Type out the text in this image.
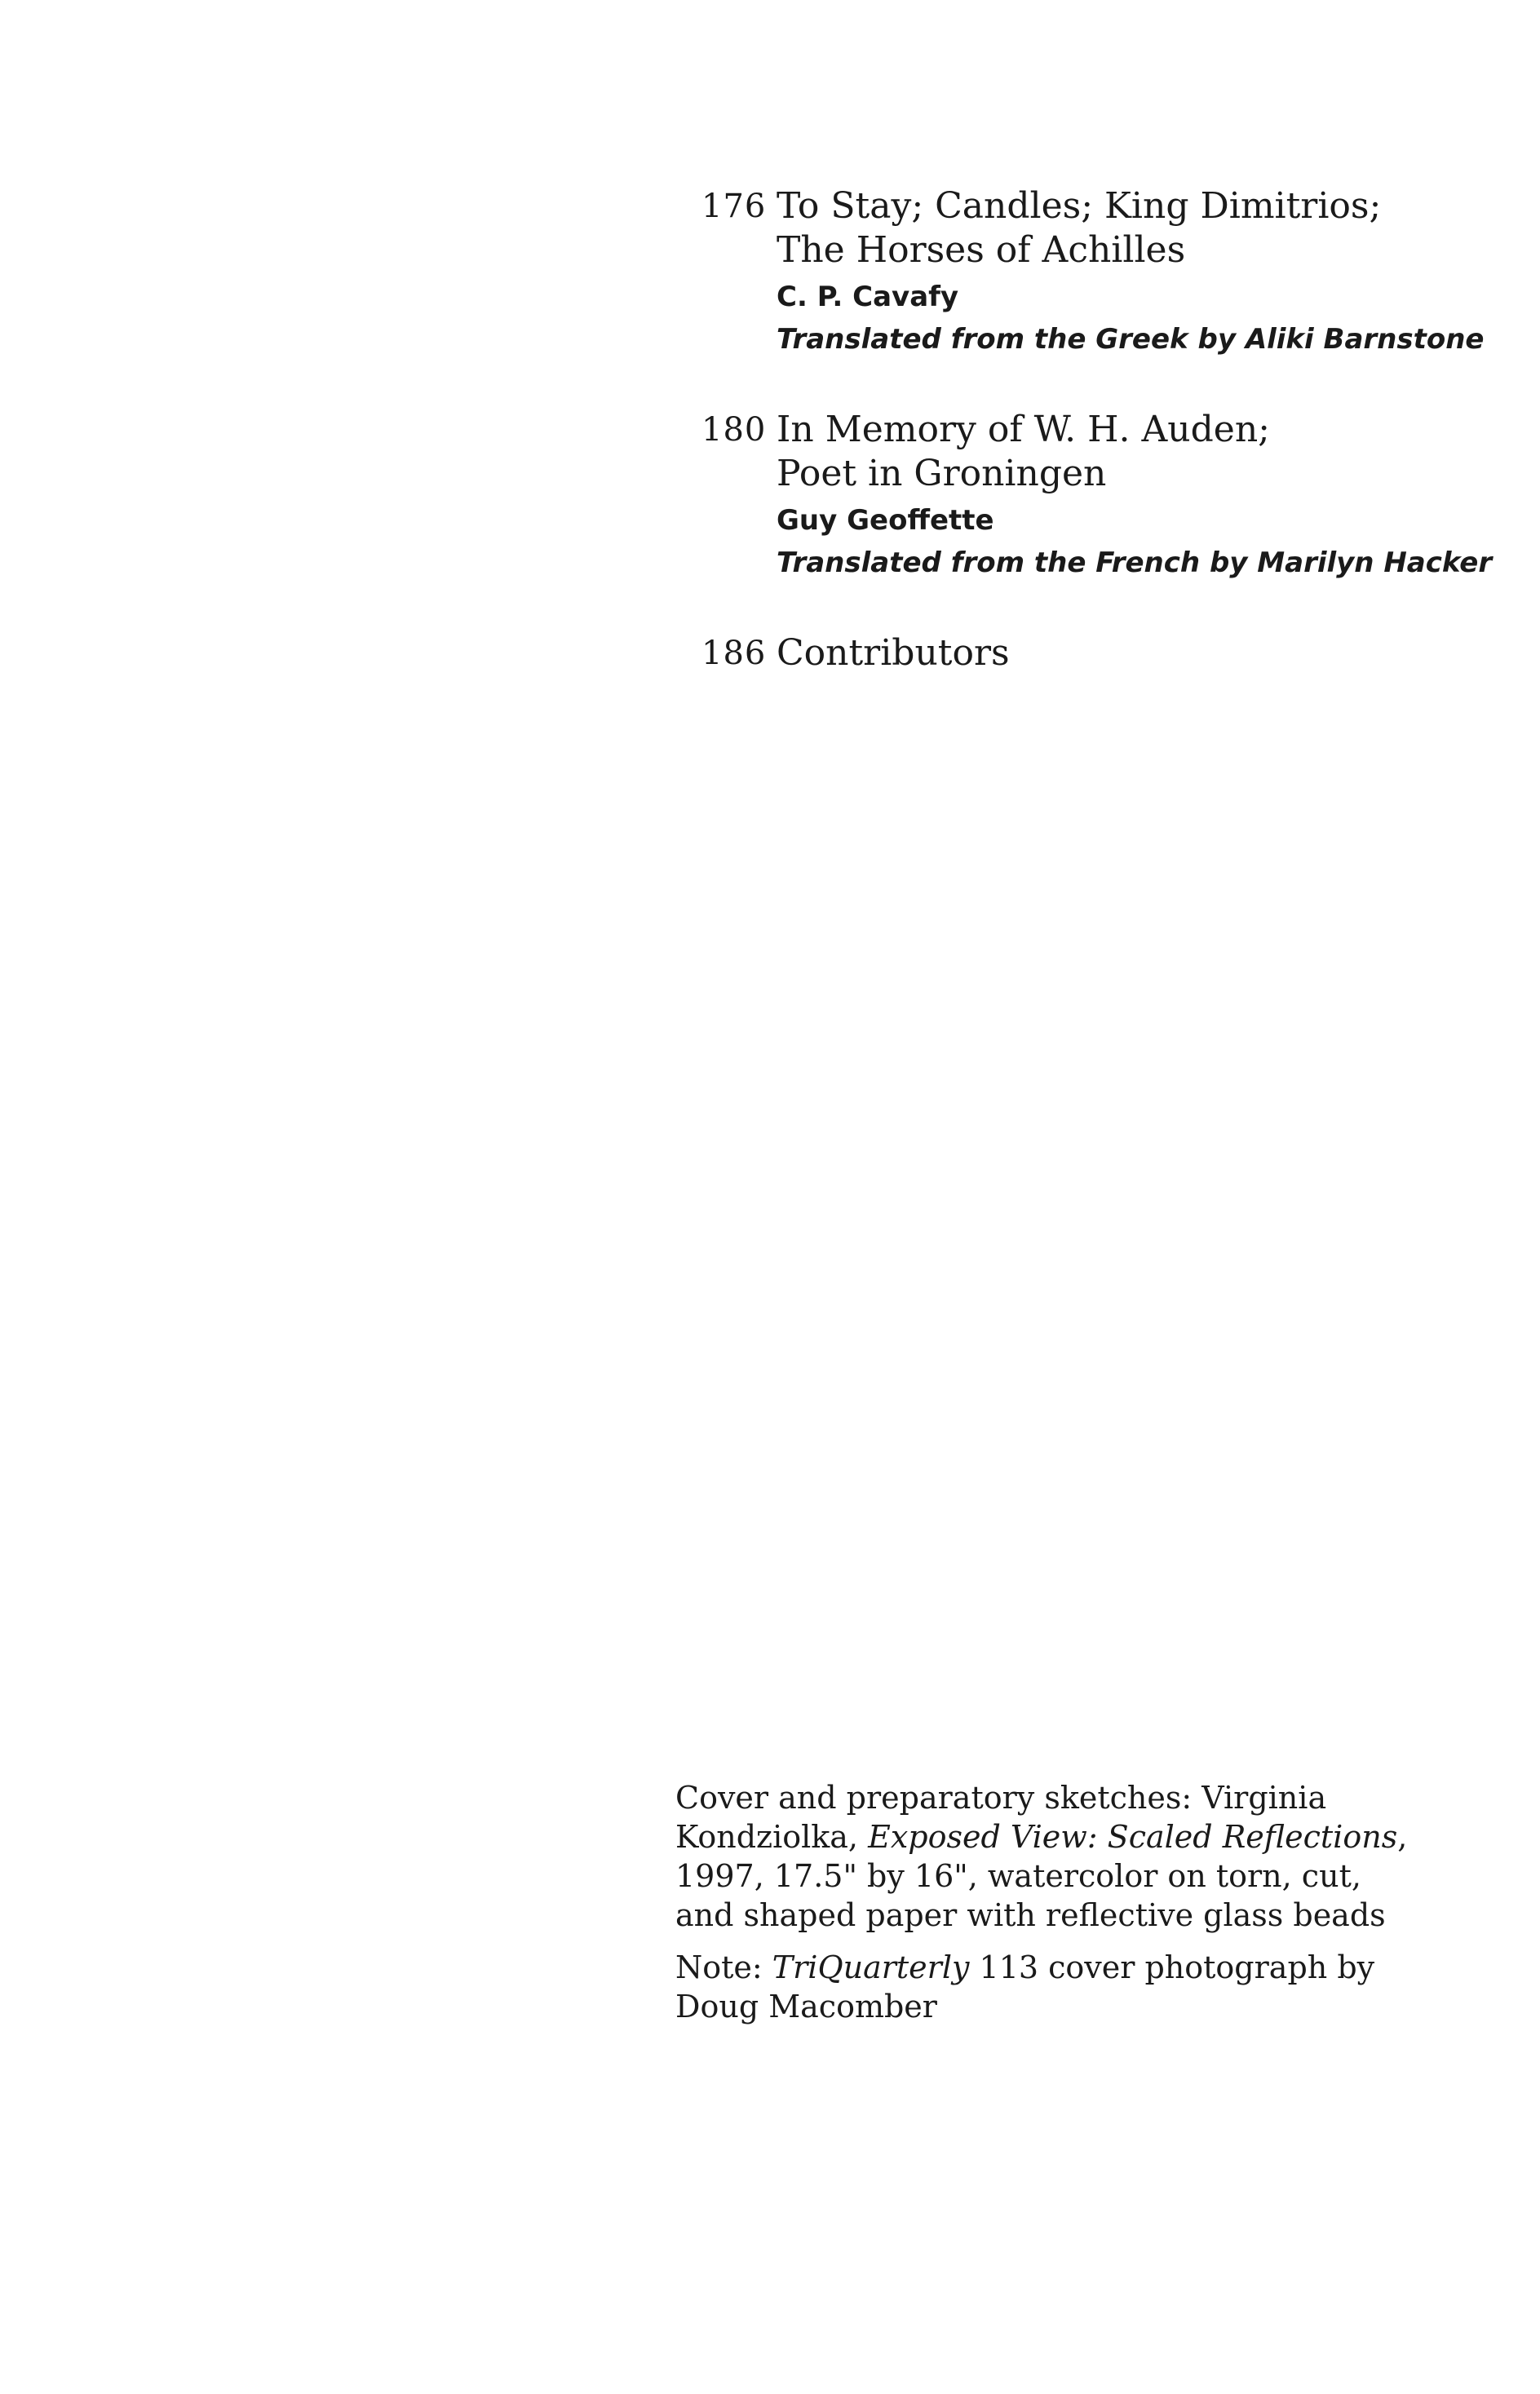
176 To Stay; Candles; King Dimitrios;
The Horses of Achilles
C. P. Cavafy
Translated from the Greek by Aliki Barnstone
180 In Memory of W. H. Auden;
Poet in Groningen
Guy Geoffette
Translated from the French by Marilyn Hacker
186 Contributors

Cover and preparatory sketches: Virginia Kondziolka, Exposed View: Scaled Reflections, 1997, 17.5" by 16", watercolor on torn, cut, and shaped paper with reflective glass beads

Note: TriQuarterly 113 cover photograph by Doug Macomber
